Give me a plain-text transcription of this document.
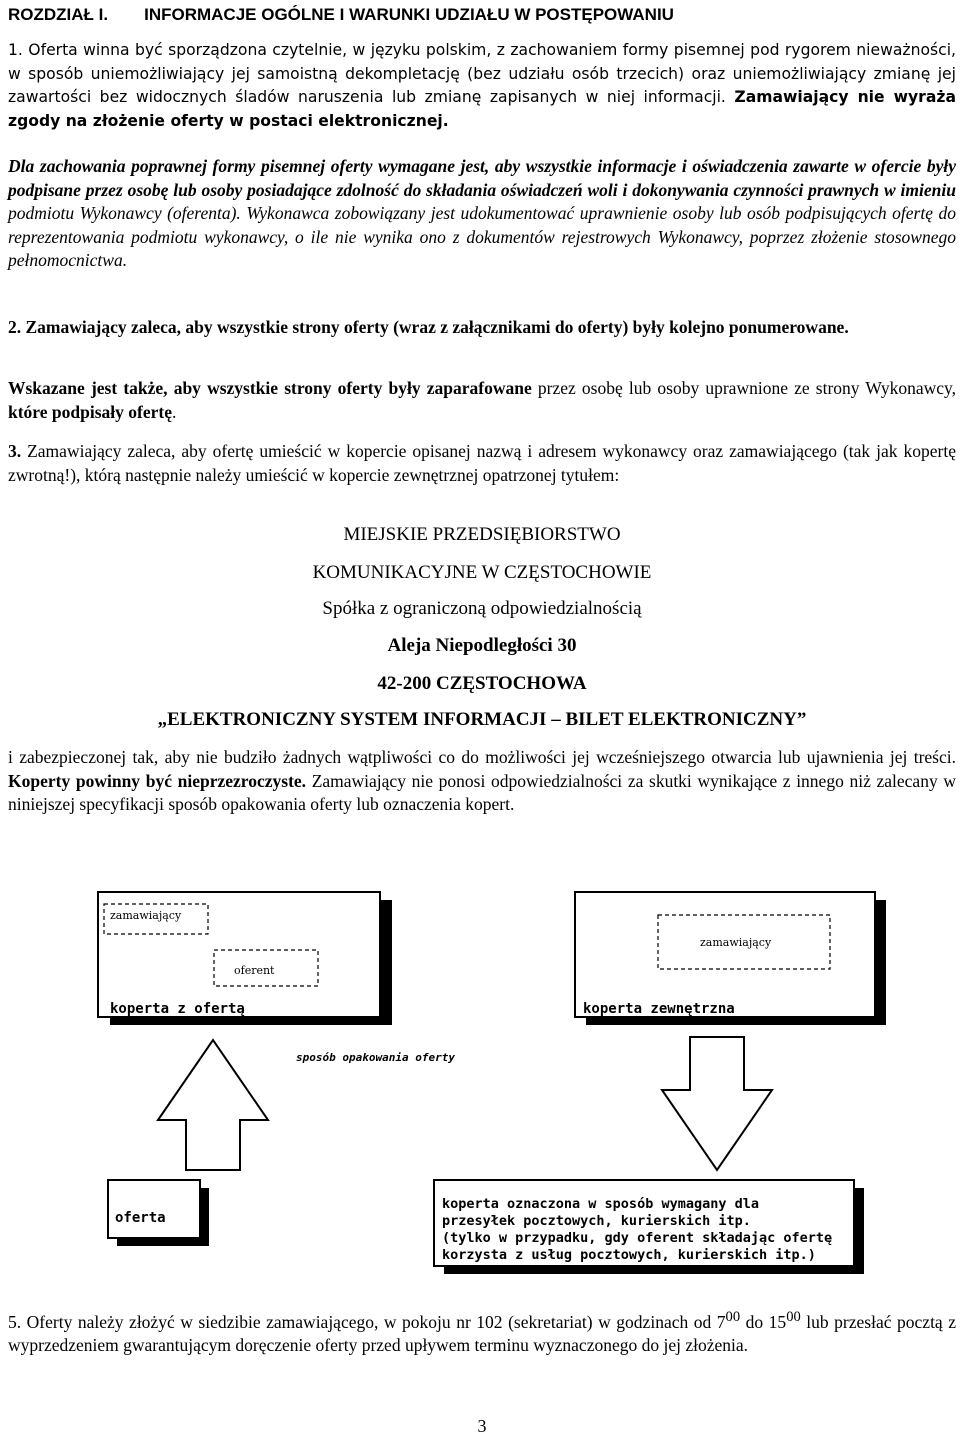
ROZDZIAŁ I. INFORMACJE OGÓLNE I WARUNKI UDZIAŁU W POSTĘPOWANIU
1. Oferta winna być sporządzona czytelnie, w języku polskim, z zachowaniem formy pisemnej pod rygorem nieważności, w sposób uniemożliwiający jej samoistną dekompletację (bez udziału osób trzecich) oraz uniemożliwiający zmianę jej zawartości bez widocznych śladów naruszenia lub zmianę zapisanych w niej informacji. Zamawiający nie wyraża zgody na złożenie oferty w postaci elektronicznej.
Dla zachowania poprawnej formy pisemnej oferty wymagane jest, aby wszystkie informacje i oświadczenia zawarte w ofercie były podpisane przez osobę lub osoby posiadające zdolność do składania oświadczeń woli i dokonywania czynności prawnych w imieniu podmiotu Wykonawcy (oferenta). Wykonawca zobowiązany jest udokumentować uprawnienie osoby lub osób podpisujących ofertę do reprezentowania podmiotu wykonawcy, o ile nie wynika ono z dokumentów rejestrowych Wykonawcy, poprzez złożenie stosownego pełnomocnictwa.
2. Zamawiający zaleca, aby wszystkie strony oferty (wraz z załącznikami do oferty) były kolejno ponumerowane.
Wskazane jest także, aby wszystkie strony oferty były zaparafowane przez osobę lub osoby uprawnione ze strony Wykonawcy, które podpisały ofertę.
3. Zamawiający zaleca, aby ofertę umieścić w kopercie opisanej nazwą i adresem wykonawcy oraz zamawiającego (tak jak kopertę zwrotną!), którą następnie należy umieścić w kopercie zewnętrznej opatrzonej tytułem:
MIEJSKIE PRZEDSIĘBIORSTWO
KOMUNIKACYJNE W CZĘSTOCHOWIE
Spółka z ograniczoną odpowiedzialnością
Aleja Niepodległości 30
42-200 CZĘSTOCHOWA
„ELEKTRONICZNY SYSTEM INFORMACJI – BILET ELEKTRONICZNY”
i zabezpieczonej tak, aby nie budziło żadnych wątpliwości co do możliwości jej wcześniejszego otwarcia lub ujawnienia jej treści. Koperty powinny być nieprzezroczyste. Zamawiający nie ponosi odpowiedzialności za skutki wynikające z innego niż zalecany w niniejszej specyfikacji sposób opakowania oferty lub oznaczenia kopert.
5. Oferty należy złożyć w siedzibie zamawiającego, w pokoju nr 102 (sekretariat) w godzinach od $7^{00}$ do $15^{00}$ lub przesłać pocztą z wyprzedzeniem gwarantującym doręczenie oferty przed upływem terminu wyznaczonego do jej złożenia.
3
zamawiający
oferent
koperta z ofertą
zamawiający
koperta zewnętrzna
sposób opakowania oferty
oferta
koperta oznaczona w sposób wymagany dla
przesyłek pocztowych, kurierskich itp.
(tylko w przypadku, gdy oferent składając ofertę
korzysta z usług pocztowych, kurierskich itp.)
